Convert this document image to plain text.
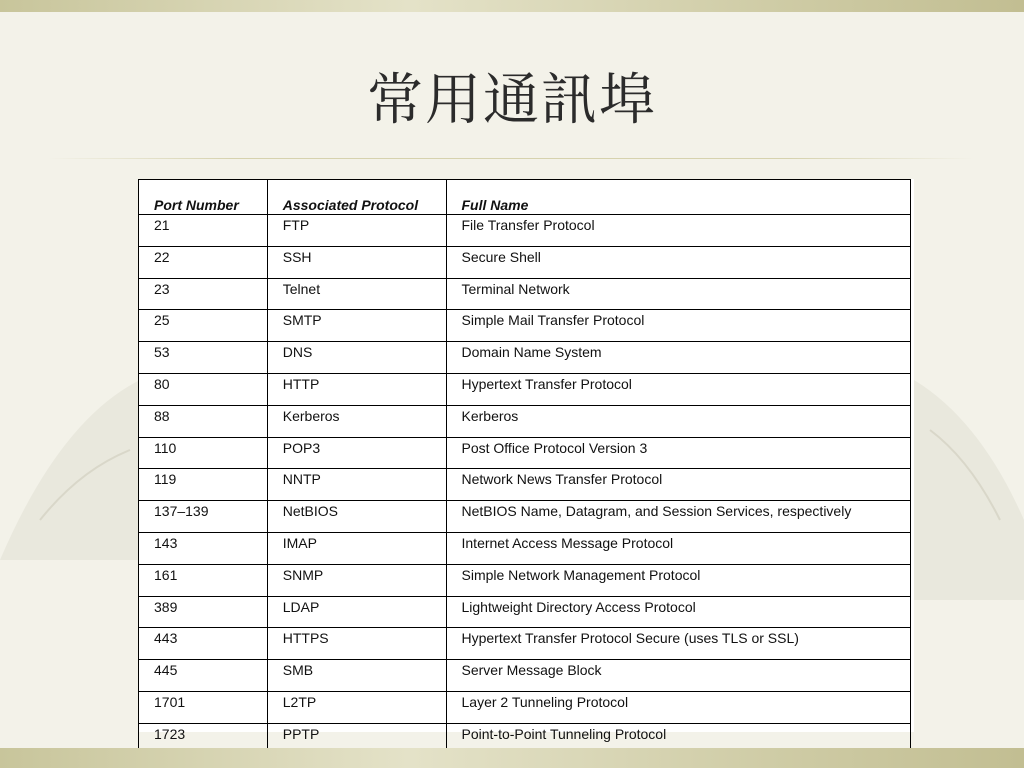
常用通訊埠
Port Number	Associated Protocol	Full Name
21	FTP	File Transfer Protocol
22	SSH	Secure Shell
23	Telnet	Terminal Network
25	SMTP	Simple Mail Transfer Protocol
53	DNS	Domain Name System
80	HTTP	Hypertext Transfer Protocol
88	Kerberos	Kerberos
110	POP3	Post Office Protocol Version 3
119	NNTP	Network News Transfer Protocol
137–139	NetBIOS	NetBIOS Name, Datagram, and Session Services, respectively
143	IMAP	Internet Access Message Protocol
161	SNMP	Simple Network Management Protocol
389	LDAP	Lightweight Directory Access Protocol
443	HTTPS	Hypertext Transfer Protocol Secure (uses TLS or SSL)
445	SMB	Server Message Block
1701	L2TP	Layer 2 Tunneling Protocol
1723	PPTP	Point-to-Point Tunneling Protocol
